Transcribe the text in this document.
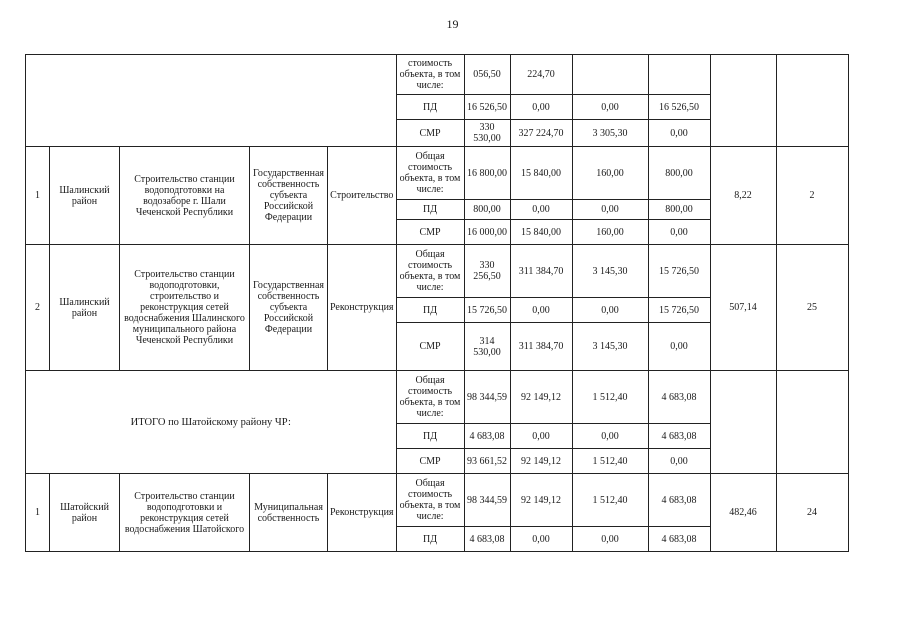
19
					стоимость объекта, в том числе:	056,50	224,70				
					ПД	16 526,50	0,00	0,00	16 526,50		
					СМР	330 530,00	327 224,70	3 305,30	0,00		
1	Шалинский район	Строительство станции водоподготовки на водозаборе г. Шали Чеченской Республики	Государственная собственность субъекта Российской Федерации	Строительство	Общая стоимость объекта, в том числе:	16 800,00	15 840,00	160,00	800,00	8,22	2
					ПД	800,00	0,00	0,00	800,00		
					СМР	16 000,00	15 840,00	160,00	0,00		
2	Шалинский район	Строительство станции водоподготовки, строительство и реконструкция сетей водоснабжения Шалинского муниципального района Чеченской Республики	Государственная собственность субъекта Российской Федерации	Реконструкция	Общая стоимость объекта, в том числе:	330 256,50	311 384,70	3 145,30	15 726,50	507,14	25
					ПД	15 726,50	0,00	0,00	15 726,50		
					СМР	314 530,00	311 384,70	3 145,30	0,00		
ИТОГО по Шатойскому району ЧР:					Общая стоимость объекта, в том числе:	98 344,59	92 149,12	1 512,40	4 683,08		
					ПД	4 683,08	0,00	0,00	4 683,08		
					СМР	93 661,52	92 149,12	1 512,40	0,00		
1	Шатойский район	Строительство станции водоподготовки и реконструкция сетей водоснабжения Шатойского	Муниципальная собственность	Реконструкция	Общая стоимость объекта, в том числе:	98 344,59	92 149,12	1 512,40	4 683,08	482,46	24
					ПД	4 683,08	0,00	0,00	4 683,08		
